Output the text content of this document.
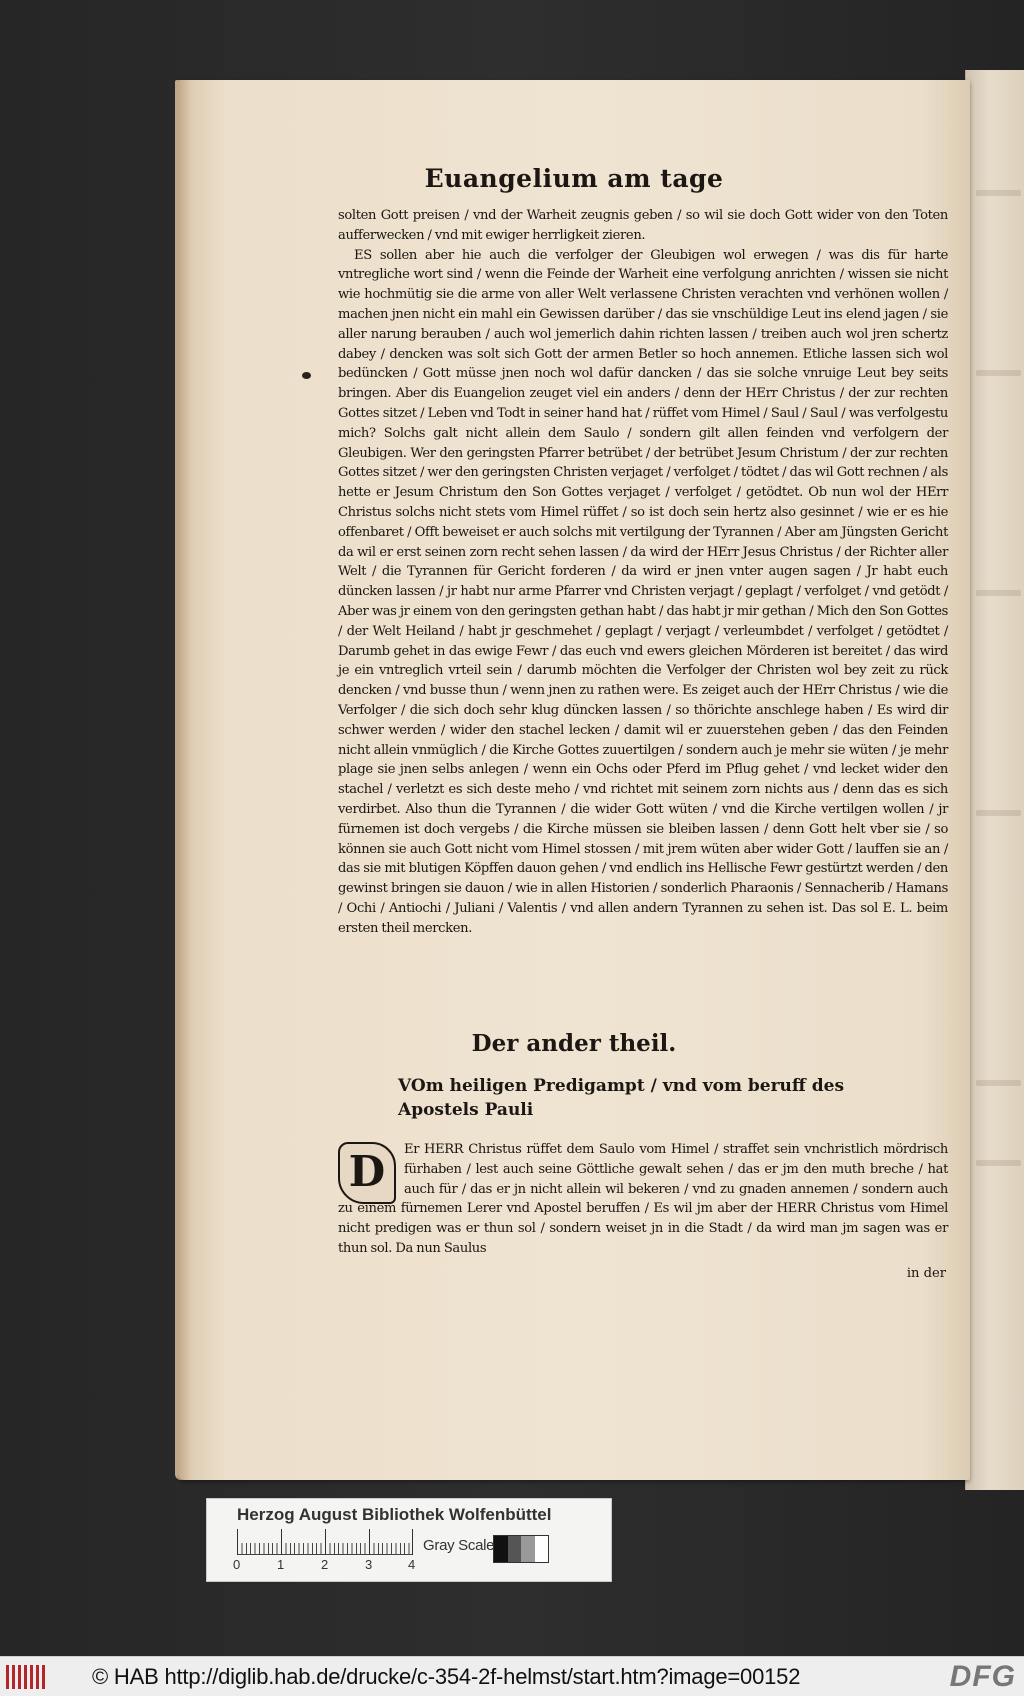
Euangelium am tage

solten Gott preisen / vnd der Warheit zeugnis geben / so wil sie doch Gott wider von den Toten aufferwecken / vnd mit ewiger herrligkeit zieren.

ES sollen aber hie auch die verfolger der Gleubigen wol erwegen / was dis für harte vntregliche wort sind / wenn die Feinde der Warheit eine verfolgung anrichten / wissen sie nicht wie hochmütig sie die arme von aller Welt verlassene Christen verachten vnd verhönen wollen / machen jnen nicht ein mahl ein Gewissen darüber / das sie vnschüldige Leut ins elend jagen / sie aller narung berauben / auch wol jemerlich dahin richten lassen / treiben auch wol jren schertz dabey / dencken was solt sich Gott der armen Betler so hoch annemen. Etliche lassen sich wol bedüncken / Gott müsse jnen noch wol dafür dancken / das sie solche vnruige Leut bey seits bringen. Aber dis Euangelion zeuget viel ein anders / denn der HErr Christus / der zur rechten Gottes sitzet / Leben vnd Todt in seiner hand hat / rüffet vom Himel / Saul / Saul / was verfolgestu mich? Solchs galt nicht allein dem Saulo / sondern gilt allen feinden vnd verfolgern der Gleubigen. Wer den geringsten Pfarrer betrübet / der betrübet Jesum Christum / der zur rechten Gottes sitzet / wer den geringsten Christen verjaget / verfolget / tödtet / das wil Gott rechnen / als hette er Jesum Christum den Son Gottes verjaget / verfolget / getödtet. Ob nun wol der HErr Christus solchs nicht stets vom Himel rüffet / so ist doch sein hertz also gesinnet / wie er es hie offenbaret / Offt beweiset er auch solchs mit vertilgung der Tyrannen / Aber am Jüngsten Gericht da wil er erst seinen zorn recht sehen lassen / da wird der HErr Jesus Christus / der Richter aller Welt / die Tyrannen für Gericht forderen / da wird er jnen vnter augen sagen / Jr habt euch düncken lassen / jr habt nur arme Pfarrer vnd Christen verjagt / geplagt / verfolget / vnd getödt / Aber was jr einem von den geringsten gethan habt / das habt jr mir gethan / Mich den Son Gottes / der Welt Heiland / habt jr geschmehet / geplagt / verjagt / verleumbdet / verfolget / getödtet / Darumb gehet in das ewige Fewr / das euch vnd ewers gleichen Mörderen ist bereitet / das wird je ein vntreglich vrteil sein / darumb möchten die Verfolger der Christen wol bey zeit zu rück dencken / vnd busse thun / wenn jnen zu rathen were. Es zeiget auch der HErr Christus / wie die Verfolger / die sich doch sehr klug düncken lassen / so thörichte anschlege haben / Es wird dir schwer werden / wider den stachel lecken / damit wil er zuuerstehen geben / das den Feinden nicht allein vnmüglich / die Kirche Gottes zuuertilgen / sondern auch je mehr sie wüten / je mehr plage sie jnen selbs anlegen / wenn ein Ochs oder Pferd im Pflug gehet / vnd lecket wider den stachel / verletzt es sich deste meho / vnd richtet mit seinem zorn nichts aus / denn das es sich verdirbet. Also thun die Tyrannen / die wider Gott wüten / vnd die Kirche vertilgen wollen / jr fürnemen ist doch vergebs / die Kirche müssen sie bleiben lassen / denn Gott helt vber sie / so können sie auch Gott nicht vom Himel stossen / mit jrem wüten aber wider Gott / lauffen sie an / das sie mit blutigen Köpffen dauon gehen / vnd endlich ins Hellische Fewr gestürtzt werden / den gewinst bringen sie dauon / wie in allen Historien / sonderlich Pharaonis / Sennacherib / Hamans / Ochi / Antiochi / Juliani / Valentis / vnd allen andern Tyrannen zu sehen ist. Das sol E. L. beim ersten theil mercken.

Der ander theil.
VOm heiligen Predigampt / vnd vom beruff des Apostels Pauli
D	Er HERR Christus rüffet dem Saulo vom Himel / straffet sein vnchristlich mördrisch fürhaben / lest auch seine Göttliche gewalt sehen / das er jm den muth breche / hat auch für / das er jn nicht allein wil bekeren / vnd zu gnaden annemen / sondern auch zu einem fürnemen Lerer vnd Apostel beruffen / Es wil jm aber der HERR Christus vom Himel nicht predigen was er thun sol / sondern weiset jn in die Stadt / da wird man jm sagen was er thun sol. Da nun Saulus
in der
Herzog August Bibliothek Wolfenbüttel
0	1	2	3	4
Gray Scale
© HAB http://diglib.hab.de/drucke/c-354-2f-helmst/start.htm?image=00152	DFG
